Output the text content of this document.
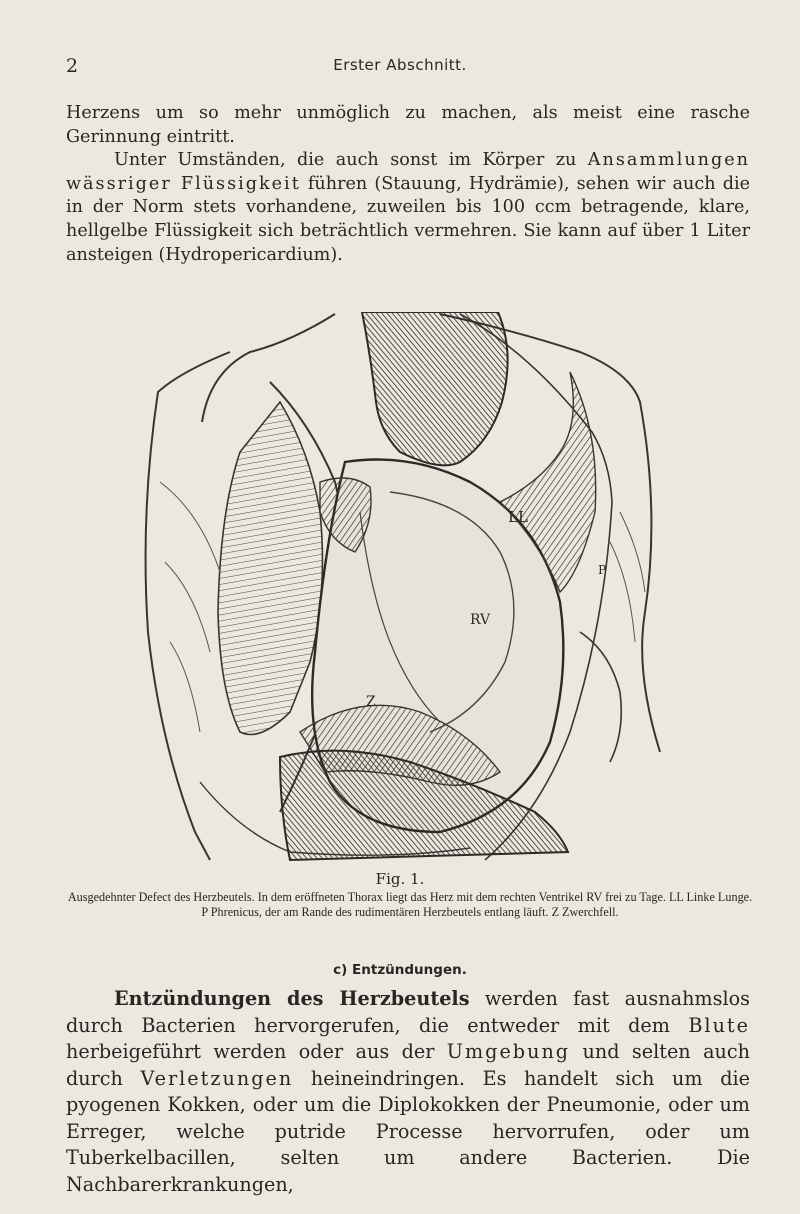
2	Erster Abschnitt.

Herzens um so mehr unmöglich zu machen, als meist eine rasche Gerinnung eintritt.

Unter Umständen, die auch sonst im Körper zu Ansammlungen wässriger Flüssigkeit führen (Stauung, Hydrämie), sehen wir auch die in der Norm stets vorhandene, zuweilen bis 100 ccm betragende, klare, hellgelbe Flüssigkeit sich beträchtlich vermehren. Sie kann auf über 1 Liter ansteigen (Hydropericardium).

LL
RV
Z
P
Fig. 1.
Ausgedehnter Defect des Herzbeutels. In dem eröffneten Thorax liegt das Herz mit dem rechten Ventrikel RV frei zu Tage. LL Linke Lunge. P Phrenicus, der am Rande des rudimentären Herzbeutels entlang läuft. Z Zwerchfell.
c) Entzündungen.

Entzündungen des Herzbeutels werden fast ausnahmslos durch Bacterien hervorgerufen, die entweder mit dem Blute herbeigeführt werden oder aus der Umgebung und selten auch durch Verletzungen heineindringen. Es handelt sich um die pyogenen Kokken, oder um die Diplokokken der Pneumonie, oder um Erreger, welche putride Processe hervorrufen, oder um Tuberkelbacillen, selten um andere Bacterien. Die Nachbarerkrankungen,
